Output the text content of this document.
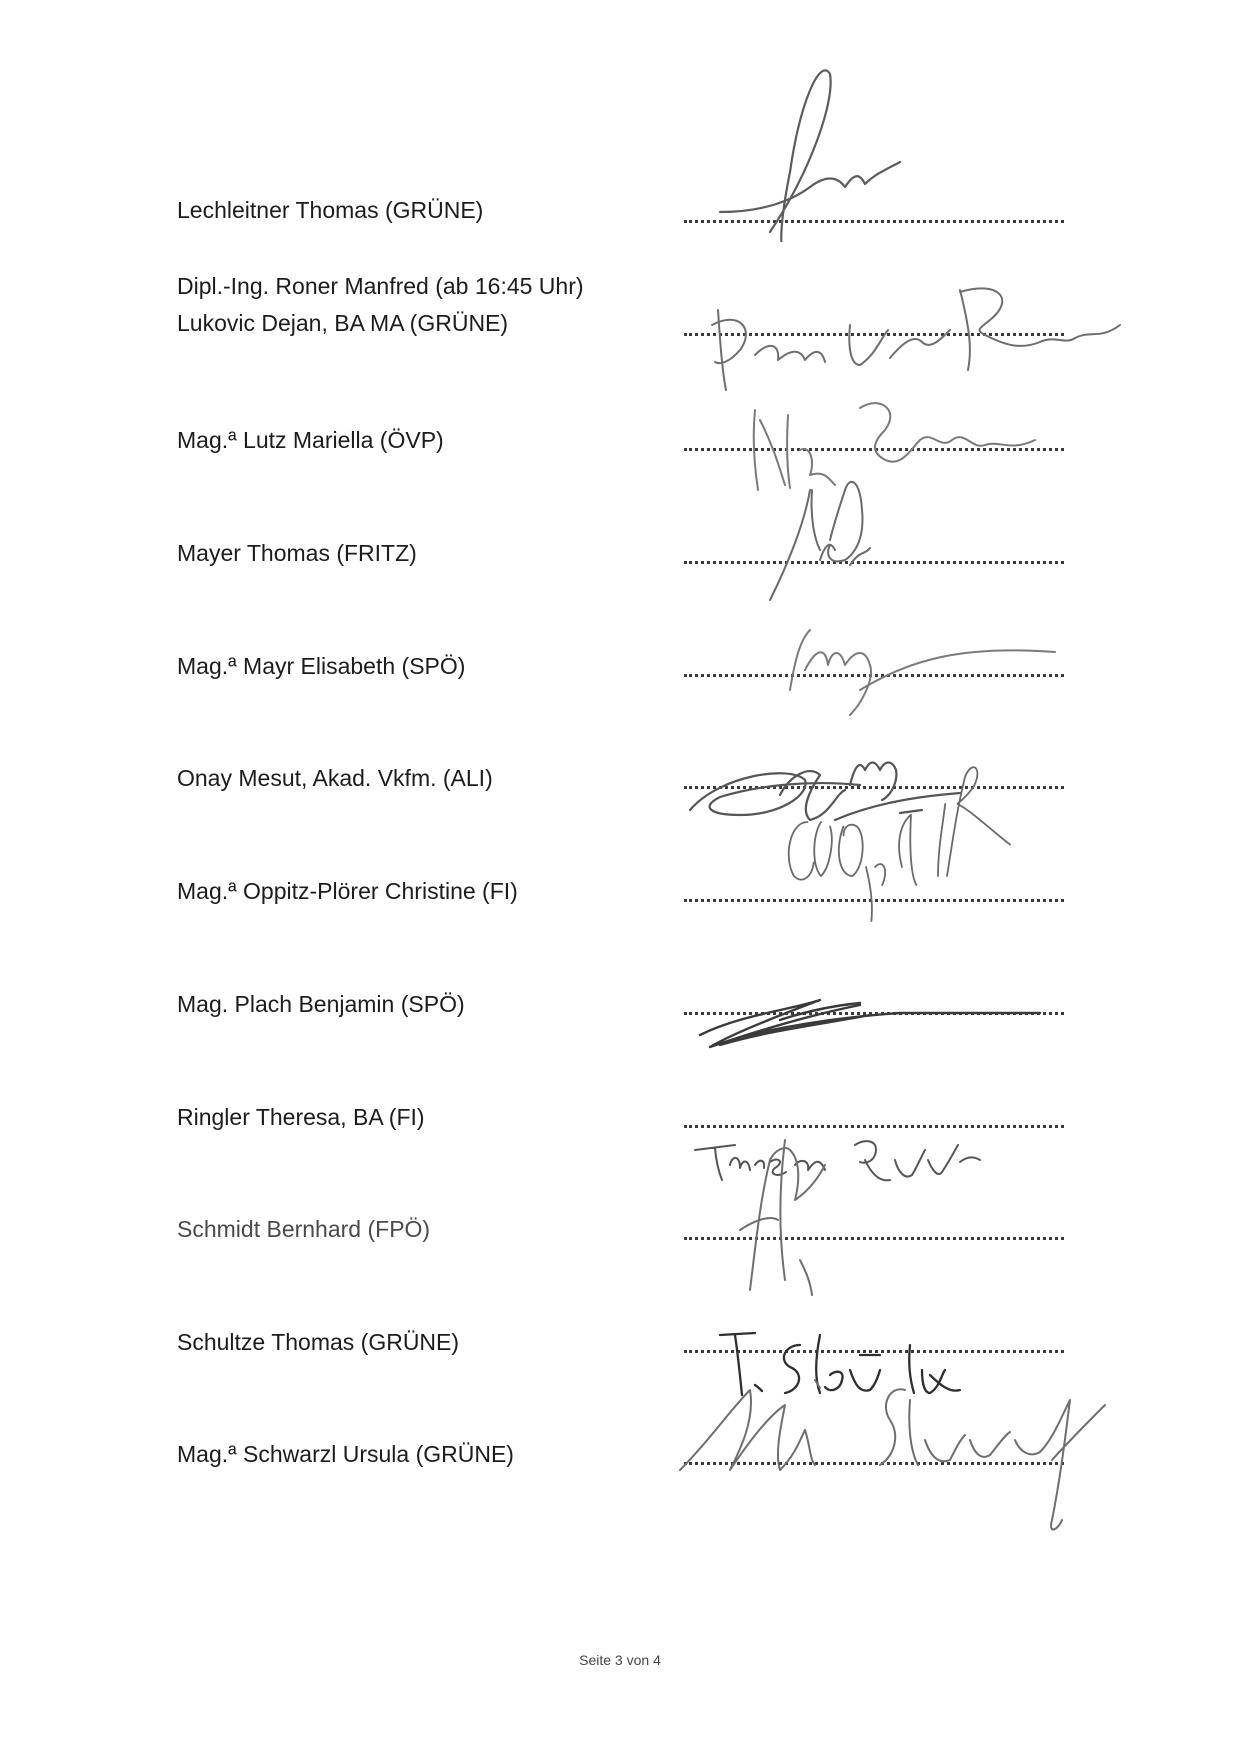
Lechleitner Thomas (GRÜNE)
Dipl.-Ing. Roner Manfred (ab 16:45 Uhr)
Lukovic Dejan, BA MA (GRÜNE)
Mag.ª Lutz Mariella (ÖVP)
Mayer Thomas (FRITZ)
Mag.ª Mayr Elisabeth (SPÖ)
Onay Mesut, Akad. Vkfm. (ALI)
Mag.ª Oppitz-Plörer Christine (FI)
Mag. Plach Benjamin (SPÖ)
Ringler Theresa, BA (FI)
Schmidt Bernhard (FPÖ)
Schultze Thomas (GRÜNE)
Mag.ª Schwarzl Ursula (GRÜNE)
Seite 3 von 4
